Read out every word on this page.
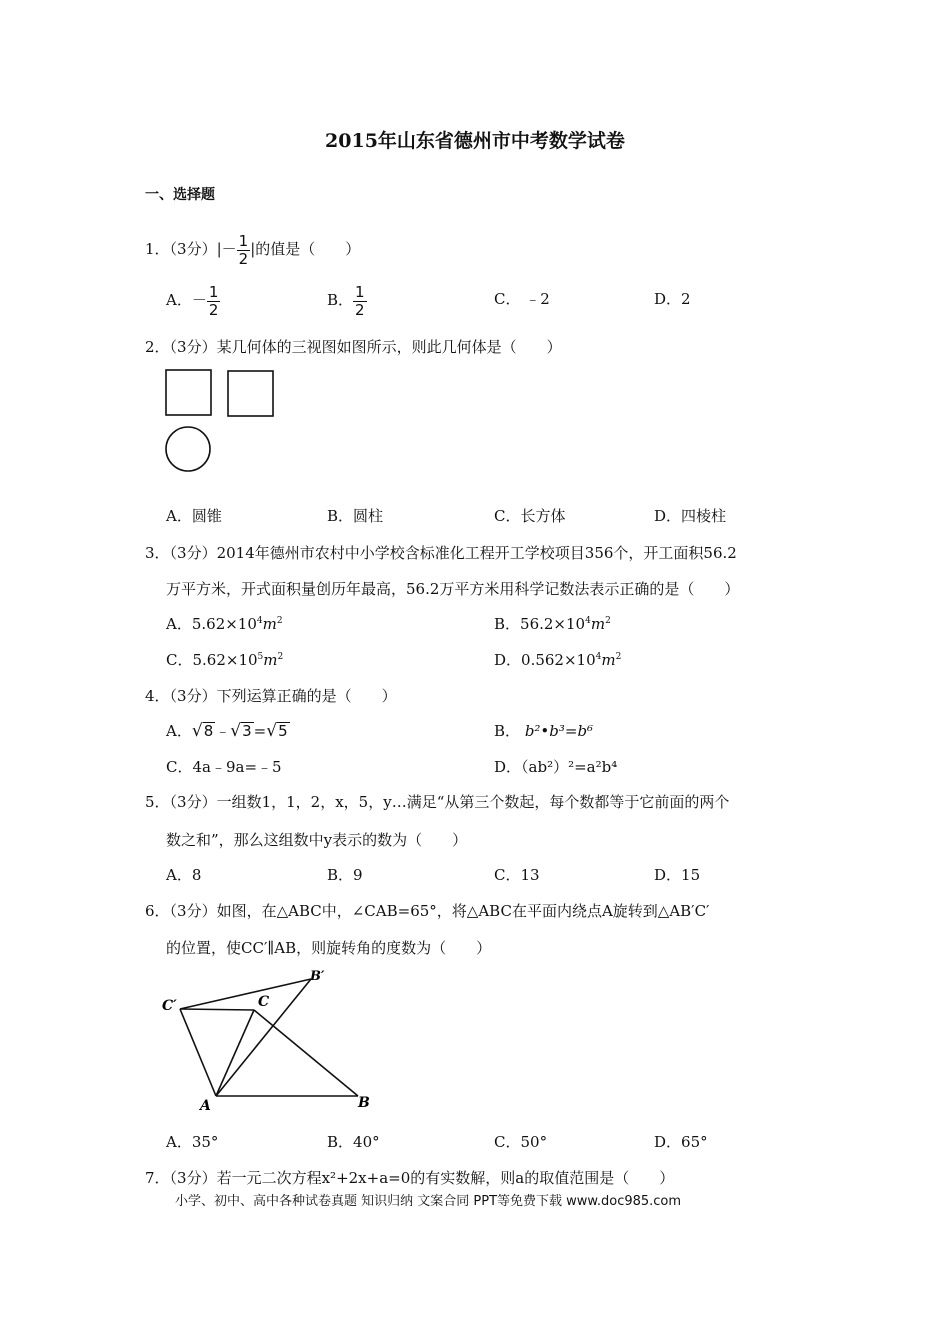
2015年山东省德州市中考数学试卷
一、选择题
1．（3分）|－ $\frac{1}{2}$ |的值是（　　）
A．－ $\frac{1}{2}$	B． $\frac{1}{2}$	C． ﹣2	D．2
2．（3分）某几何体的三视图如图所示，则此几何体是（　　）
A．圆锥	B．圆柱	C．长方体	D．四棱柱
3．（3分）2014年德州市农村中小学校含标准化工程开工学校项目356个，开工面积56.2
万平方米，开式面积量创历年最高，56.2万平方米用科学记数法表示正确的是（　　）
A．$5.62\times 10^4m^2$	B．$56.2\times 10^4m^2$
C．$5.62\times 10^5m^2$	D．$0.562\times 10^4m^2$
4．（3分）下列运算正确的是（　　）
A．√8 ﹣√3 =√5	B． b²•b³=b⁶
C．4a﹣9a=﹣5	D．（ab²）²=a²b⁴
5．（3分）一组数1，1，2，x，5，y…满足“从第三个数起，每个数都等于它前面的两个
数之和”，那么这组数中y表示的数为（　　）
A．8	B．9	C．13	D．15
6．（3分）如图，在△ABC中，∠CAB=65°，将△ABC在平面内绕点A旋转到△AB′C′
的位置，使CC′∥AB，则旋转角的度数为（　　）
C′	C
B′
A	B
A．35°	B．40°	C．50°	D．65°
7．（3分）若一元二次方程x²+2x+a=0的有实数解，则a的取值范围是（　　）
小学、初中、高中各种试卷真题 知识归纳 文案合同 PPT等免费下载 www.doc985.com
